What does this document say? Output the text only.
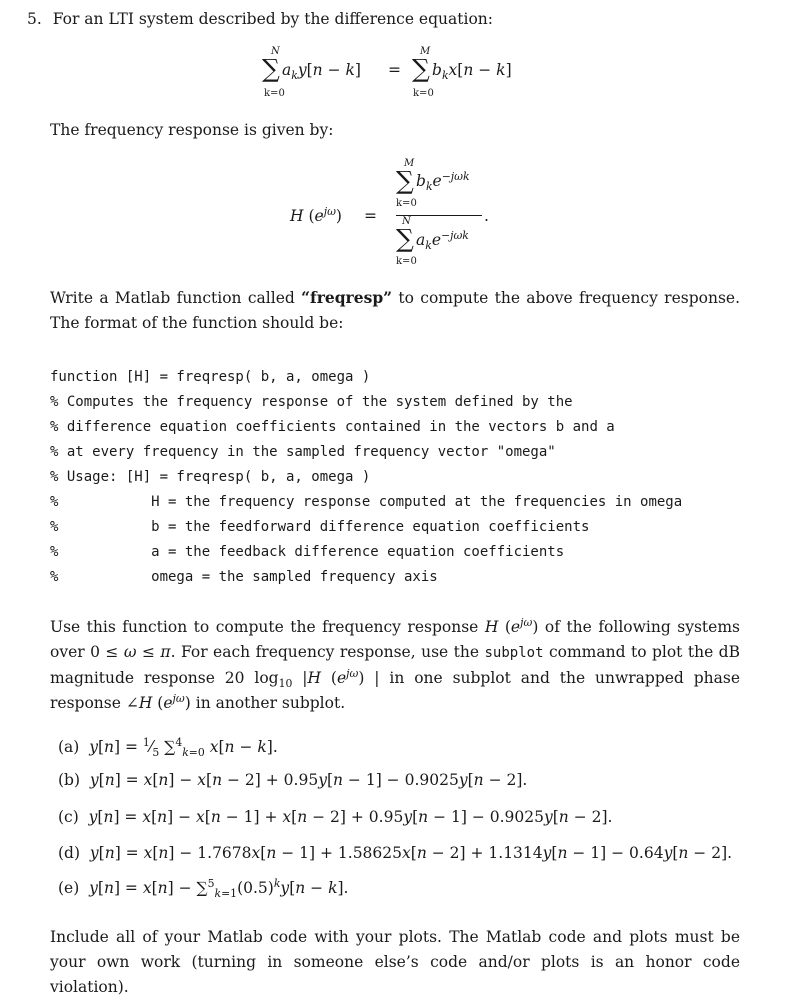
5. For an LTI system described by the difference equation:
N
∑
k=0
$a_ky[n - k]$ =
M
∑
k=0
$b_kx[n - k]$
The frequency response is given by:
H $(e^{j\omega})$ =
M
∑
k=0
$b_ke^{-j\omega k}$
.
N
∑
k=0
$a_ke^{-j\omega k}$
Write a Matlab function called “freqresp” to compute the above frequency response. The format of the function should be:
function [H] = freqresp( b, a, omega )
% Computes the frequency response of the system defined by the
% difference equation coefficients contained in the vectors b and a
% at every frequency in the sampled frequency vector "omega"
% Usage: [H] = freqresp( b, a, omega )
%           H = the frequency response computed at the frequencies in omega
%           b = the feedforward difference equation coefficients
%           a = the feedback difference equation coefficients
%           omega = the sampled frequency axis
Use this function to compute the frequency response H $(e^{j\omega})$ of the following systems over 0 ≤ ω ≤ π. For each frequency response, use the subplot command to plot the dB magnitude response 20 $\log_{10} |H$ $(e^{j\omega})$ | in one subplot and the unwrapped phase response ∠H $(e^{j\omega})$ in another subplot.
(a) $y[n] = ^1⁄_5$ ∑$^4_{k=0}$ x[n − k].
(b) y[n] = x[n] − x[n − 2] + 0.95y[n − 1] − 0.9025y[n − 2].
(c) y[n] = x[n] − x[n − 1] + x[n − 2] + 0.95y[n − 1] − 0.9025y[n − 2].
(d) y[n] = x[n] − 1.7678x[n − 1] + 1.58625x[n − 2] + 1.1314y[n − 1] − 0.64y[n − 2].
(e) $y[n] = x[n] - \sum^5_{k=1}(0.5)^ky[n - k]$.
Include all of your Matlab code with your plots. The Matlab code and plots must be your own work (turning in someone else’s code and/or plots is an honor code violation).
